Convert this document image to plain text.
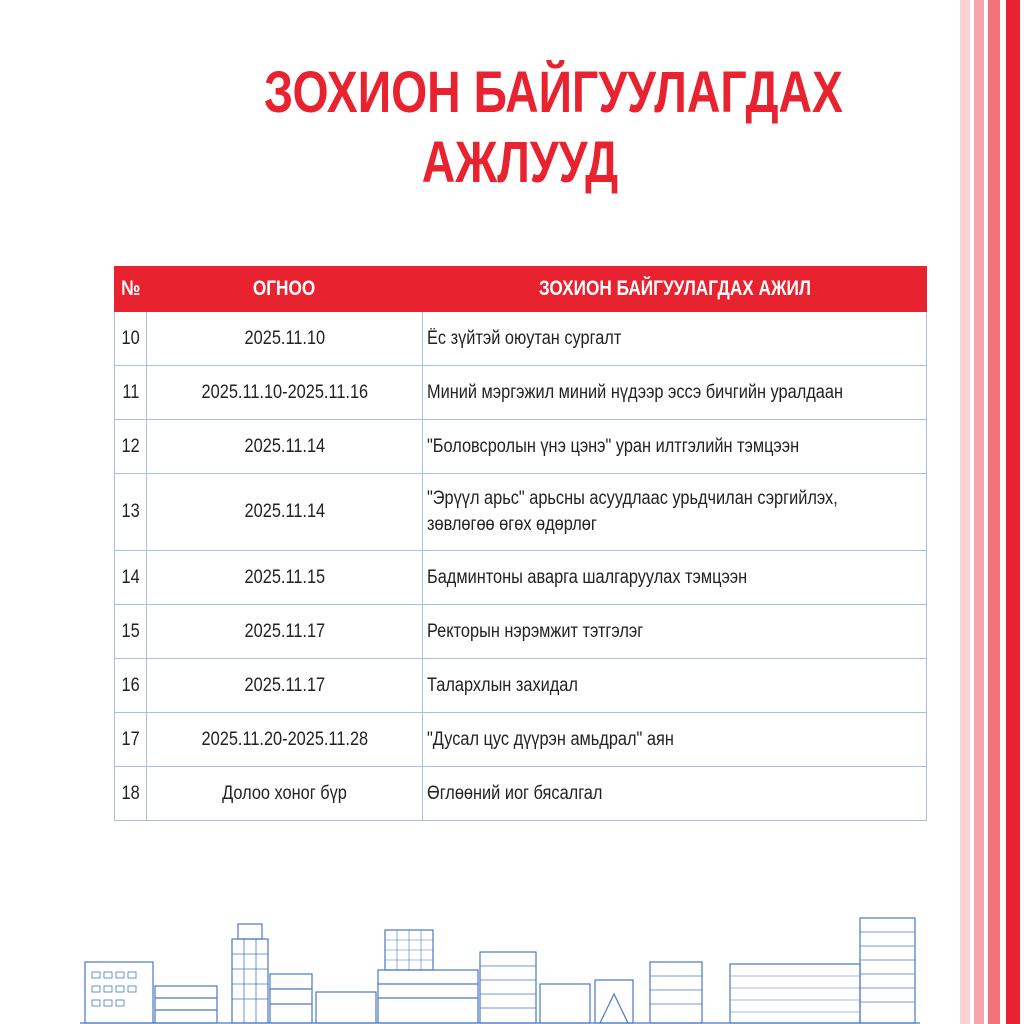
ЗОХИОН БАЙГУУЛАГДАХ
АЖЛУУД
№	ОГНОО	ЗОХИОН БАЙГУУЛАГДАХ АЖИЛ
10	2025.11.10	Ёс зүйтэй оюутан сургалт
11	2025.11.10-2025.11.16	Миний мэргэжил миний нүдээр эссэ бичгийн уралдаан
12	2025.11.14	"Боловсролын үнэ цэнэ" уран илтгэлийн тэмцээн
13	2025.11.14	"Эрүүл арьс" арьсны асуудлаас урьдчилан сэргийлэх,
зөвлөгөө өгөх өдөрлөг
14	2025.11.15	Бадминтоны аварга шалгаруулах тэмцээн
15	2025.11.17	Ректорын нэрэмжит тэтгэлэг
16	2025.11.17	Талархлын захидал
17	2025.11.20-2025.11.28	"Дусал цус дүүрэн амьдрал" аян
18	Долоо хоног бүр	Өглөөний иог бясалгал
